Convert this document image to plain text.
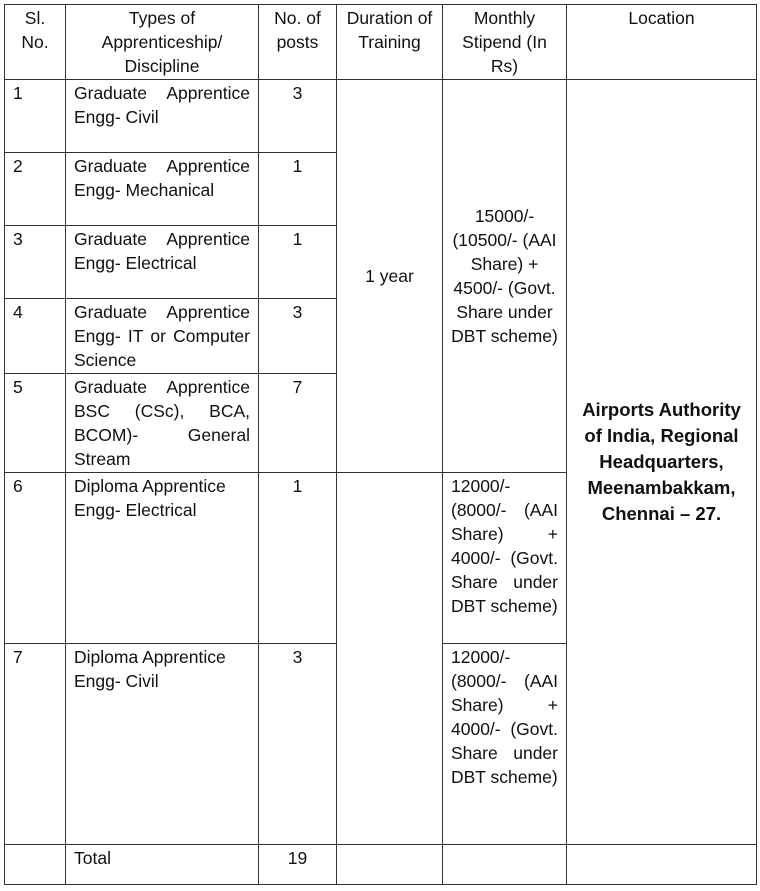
Sl. No.	Types of Apprenticeship/ Discipline	No. of posts	Duration of Training	Monthly Stipend (In Rs)	Location
1	Graduate Apprentice Engg- Civil	3	1 year	15000/- (10500/- (AAI Share) + 4500/- (Govt. Share under DBT scheme)	Airports Authority of India, Regional Headquarters, Meenambakkam, Chennai – 27.
2	Graduate Apprentice Engg- Mechanical	1			
3	Graduate Apprentice Engg- Electrical	1			
4	Graduate Apprentice Engg- IT or Computer Science	3			
5	Graduate Apprentice BSC (CSc), BCA, BCOM)- General Stream	7			
6	Diploma Apprentice Engg- Electrical	1		12000/- (8000/- (AAI Share) + 4000/- (Govt. Share under DBT scheme)	
7	Diploma Apprentice Engg- Civil	3		12000/- (8000/- (AAI Share) + 4000/- (Govt. Share under DBT scheme)	
	Total	19			
